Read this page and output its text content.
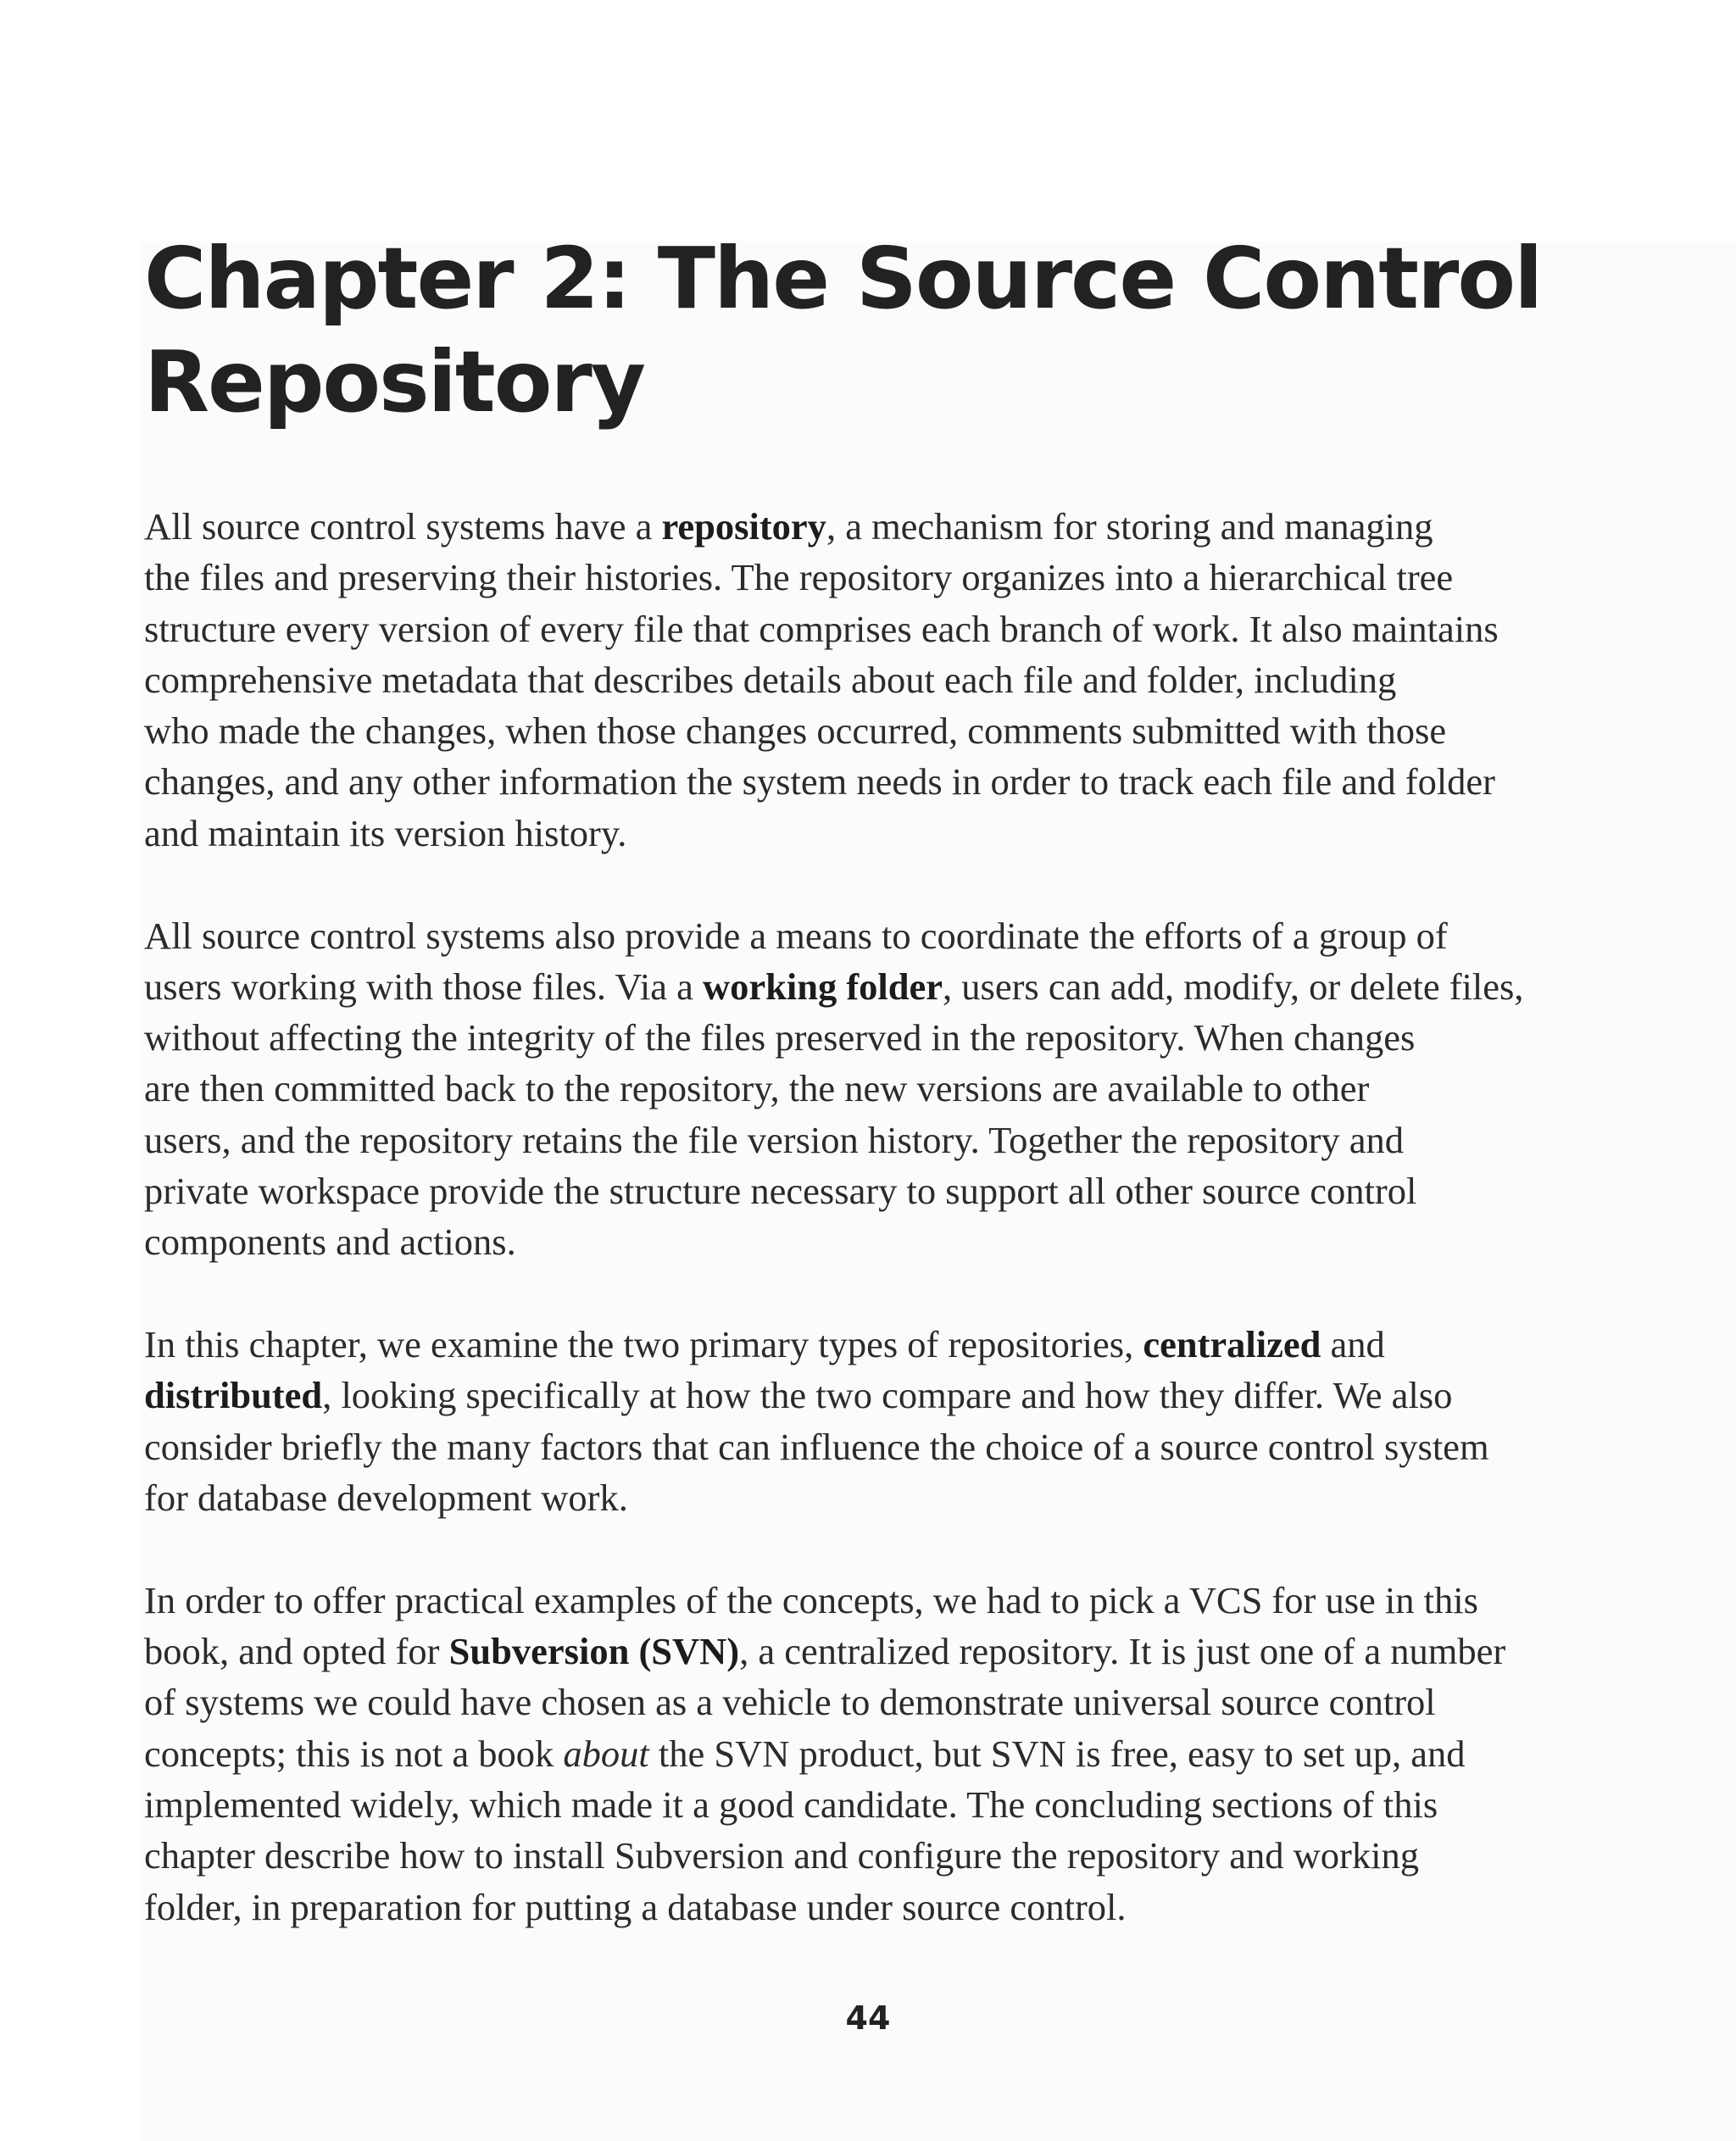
Chapter 2: The Source Control
Repository

All source control systems have a repository, a mechanism for storing and managing
the files and preserving their histories. The repository organizes into a hierarchical tree
structure every version of every file that comprises each branch of work. It also maintains
comprehensive metadata that describes details about each file and folder, including
who made the changes, when those changes occurred, comments submitted with those
changes, and any other information the system needs in order to track each file and folder
and maintain its version history.

All source control systems also provide a means to coordinate the efforts of a group of
users working with those files. Via a working folder, users can add, modify, or delete files,
without affecting the integrity of the files preserved in the repository. When changes
are then committed back to the repository, the new versions are available to other
users, and the repository retains the file version history. Together the repository and
private workspace provide the structure necessary to support all other source control
components and actions.

In this chapter, we examine the two primary types of repositories, centralized and
distributed, looking specifically at how the two compare and how they differ. We also
consider briefly the many factors that can influence the choice of a source control system
for database development work.

In order to offer practical examples of the concepts, we had to pick a VCS for use in this
book, and opted for Subversion (SVN), a centralized repository. It is just one of a number
of systems we could have chosen as a vehicle to demonstrate universal source control
concepts; this is not a book about the SVN product, but SVN is free, easy to set up, and
implemented widely, which made it a good candidate. The concluding sections of this
chapter describe how to install Subversion and configure the repository and working
folder, in preparation for putting a database under source control.

44
